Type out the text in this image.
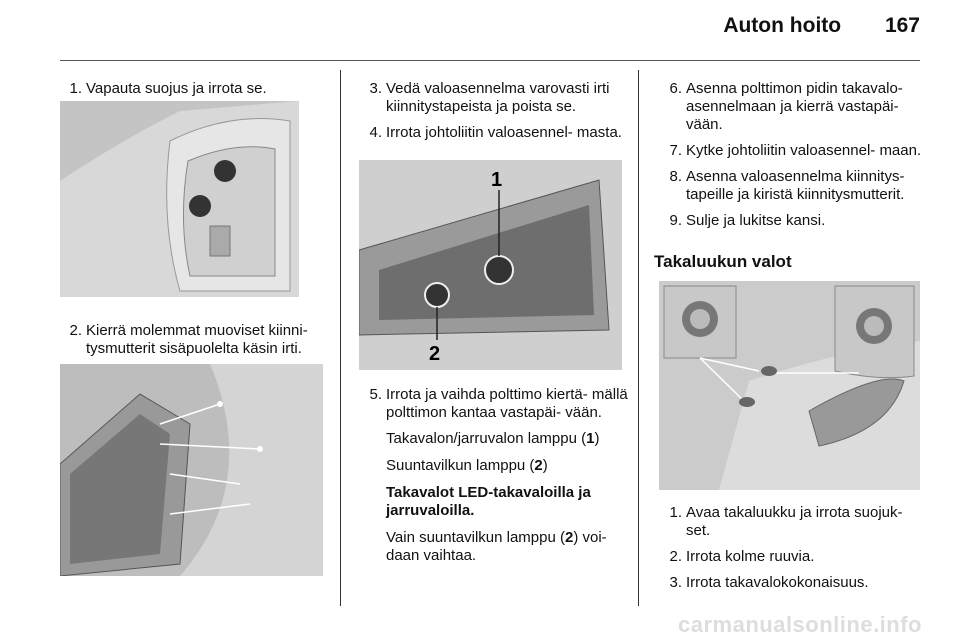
Auton hoito 167
1. Vapauta suojus ja irrota se.
2. Kierrä molemmat muoviset kiinni- tysmutterit sisäpuolelta käsin irti.
3. Vedä valoasennelma varovasti irti kiinnitystapeista ja poista se.
4. Irrota johtoliitin valoasennel- masta.
1
2
5. Irrota ja vaihda polttimo kiertä- mällä polttimon kantaa vastapäi- vään.
Takavalon/jarruvalon lamppu (1)
Suuntavilkun lamppu (2)
Takavalot LED-takavaloilla ja jarruvaloilla.
Vain suuntavilkun lamppu (2) voi- daan vaihtaa.
6. Asenna polttimon pidin takavalo- asennelmaan ja kierrä vastapäi- vään.
7. Kytke johtoliitin valoasennel- maan.
8. Asenna valoasennelma kiinnitys- tapeille ja kiristä kiinnitysmutterit.
9. Sulje ja lukitse kansi.
Takaluukun valot
1. Avaa takaluukku ja irrota suojuk- set.
2. Irrota kolme ruuvia.
3. Irrota takavalokokonaisuus.
carmanualsonline.info
